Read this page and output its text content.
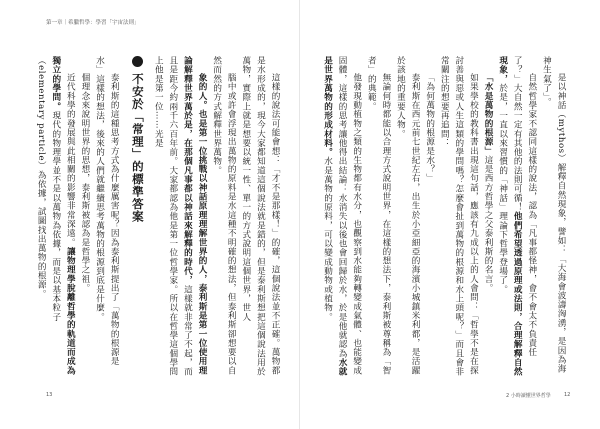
第一章｜希臘哲學：學習「宇宙法則」

這樣的說法可能會想：「才不是那樣！」的確，這個說法並不正確。萬物都是水形成的，現今大家都知道這個說法就是錯的，但是泰利斯想把這個說法用於萬物，實際上就是想要以統一性、單一的方式說明這個世界，世人

腦中或許會浮現出萬物的原料是水這種不明確的想法，但泰利斯卻想要以自然而然的方式解釋世界萬物。

象的人。也是第一位挑戰以神話原理理解世界的人，泰利斯是第一位使用理論解釋世界萬於是，在那個凡事都以神話來解釋的時代，這樣就非常了不起，而且是距今約兩千六百年前。大家都認為他是第一位哲學家。所以在哲學這個學問上他是第一位……光是

不安於「常理」的標準答案

泰利斯的這種思考方式為什麼厲害呢？因為泰利斯提出了「萬物的根源是水」這樣的想法，後來的人們就繼續思考萬物的根源到底是什麼。

個理念來說明世界的思想，泰利斯被認為是哲學之祖。

近代科學的發展與此相關的影響非常深遠。讓物理學脫離哲學的軌道而成為獨立的學問。現代的物理學並不是以萬物為依據，而是以基本粒子（elementary particle）為依據，試圖找出萬物的根源。

13

是以神話（mythos）解釋自然現象，譬如：「大海會波濤洶湧，是因為海神生氣了」。

自然哲學家不認同這樣的說法，認為「凡事都怪神，會不會太不負責任了？」大自然一定有其他的法則可循！他們希望透過原理或法則，合理解釋自然現象，於是，一直以來習慣的「神話」理論下哲學登場了。

「水是萬物的根源」這是西方哲學之父泰利斯的名言。

如果學校的教科書出現這句話，應該有九成以上的人會問：「哲學不是在探討善與惡或人生這類的學問嗎？怎麼會扯到萬物的根源和水上頭呢？」而且會非常關注的想要再追問：

「為何萬物的根源是水？」

泰利斯在西元前七世紀左右，出生於小亞細亞的海濱小城鎮米利都，是活躍於該地的重要人物。

無論何時都能以合理方式說明世界，在這樣的想法下，泰利斯被尊稱為「智者」的典範。

他發現動植物之類的生物都有水分，也觀察到水能夠轉變成氣體、也能變成固體，這樣的思考讓他得出結論：水消失以後也會回歸於水，於是他就認為水就是世界萬物的形成材料。水是萬物的原料，可以變成動物或植物。

2 小時讀懂世界哲學	12
